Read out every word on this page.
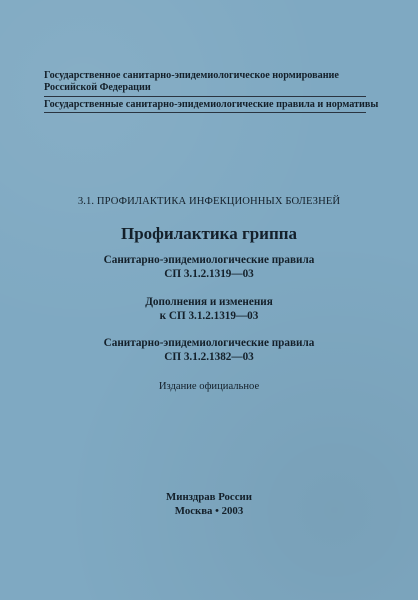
Государственное санитарно-эпидемиологическое нормирование
Российской Федерации
Государственные санитарно-эпидемиологические правила и нормативы
3.1. ПРОФИЛАКТИКА ИНФЕКЦИОННЫХ БОЛЕЗНЕЙ
Профилактика гриппа
Санитарно-эпидемиологические правила
СП 3.1.2.1319—03
Дополнения и изменения
к СП 3.1.2.1319—03
Санитарно-эпидемиологические правила
СП 3.1.2.1382—03
Издание официальное
Минздрав России
Москва • 2003
